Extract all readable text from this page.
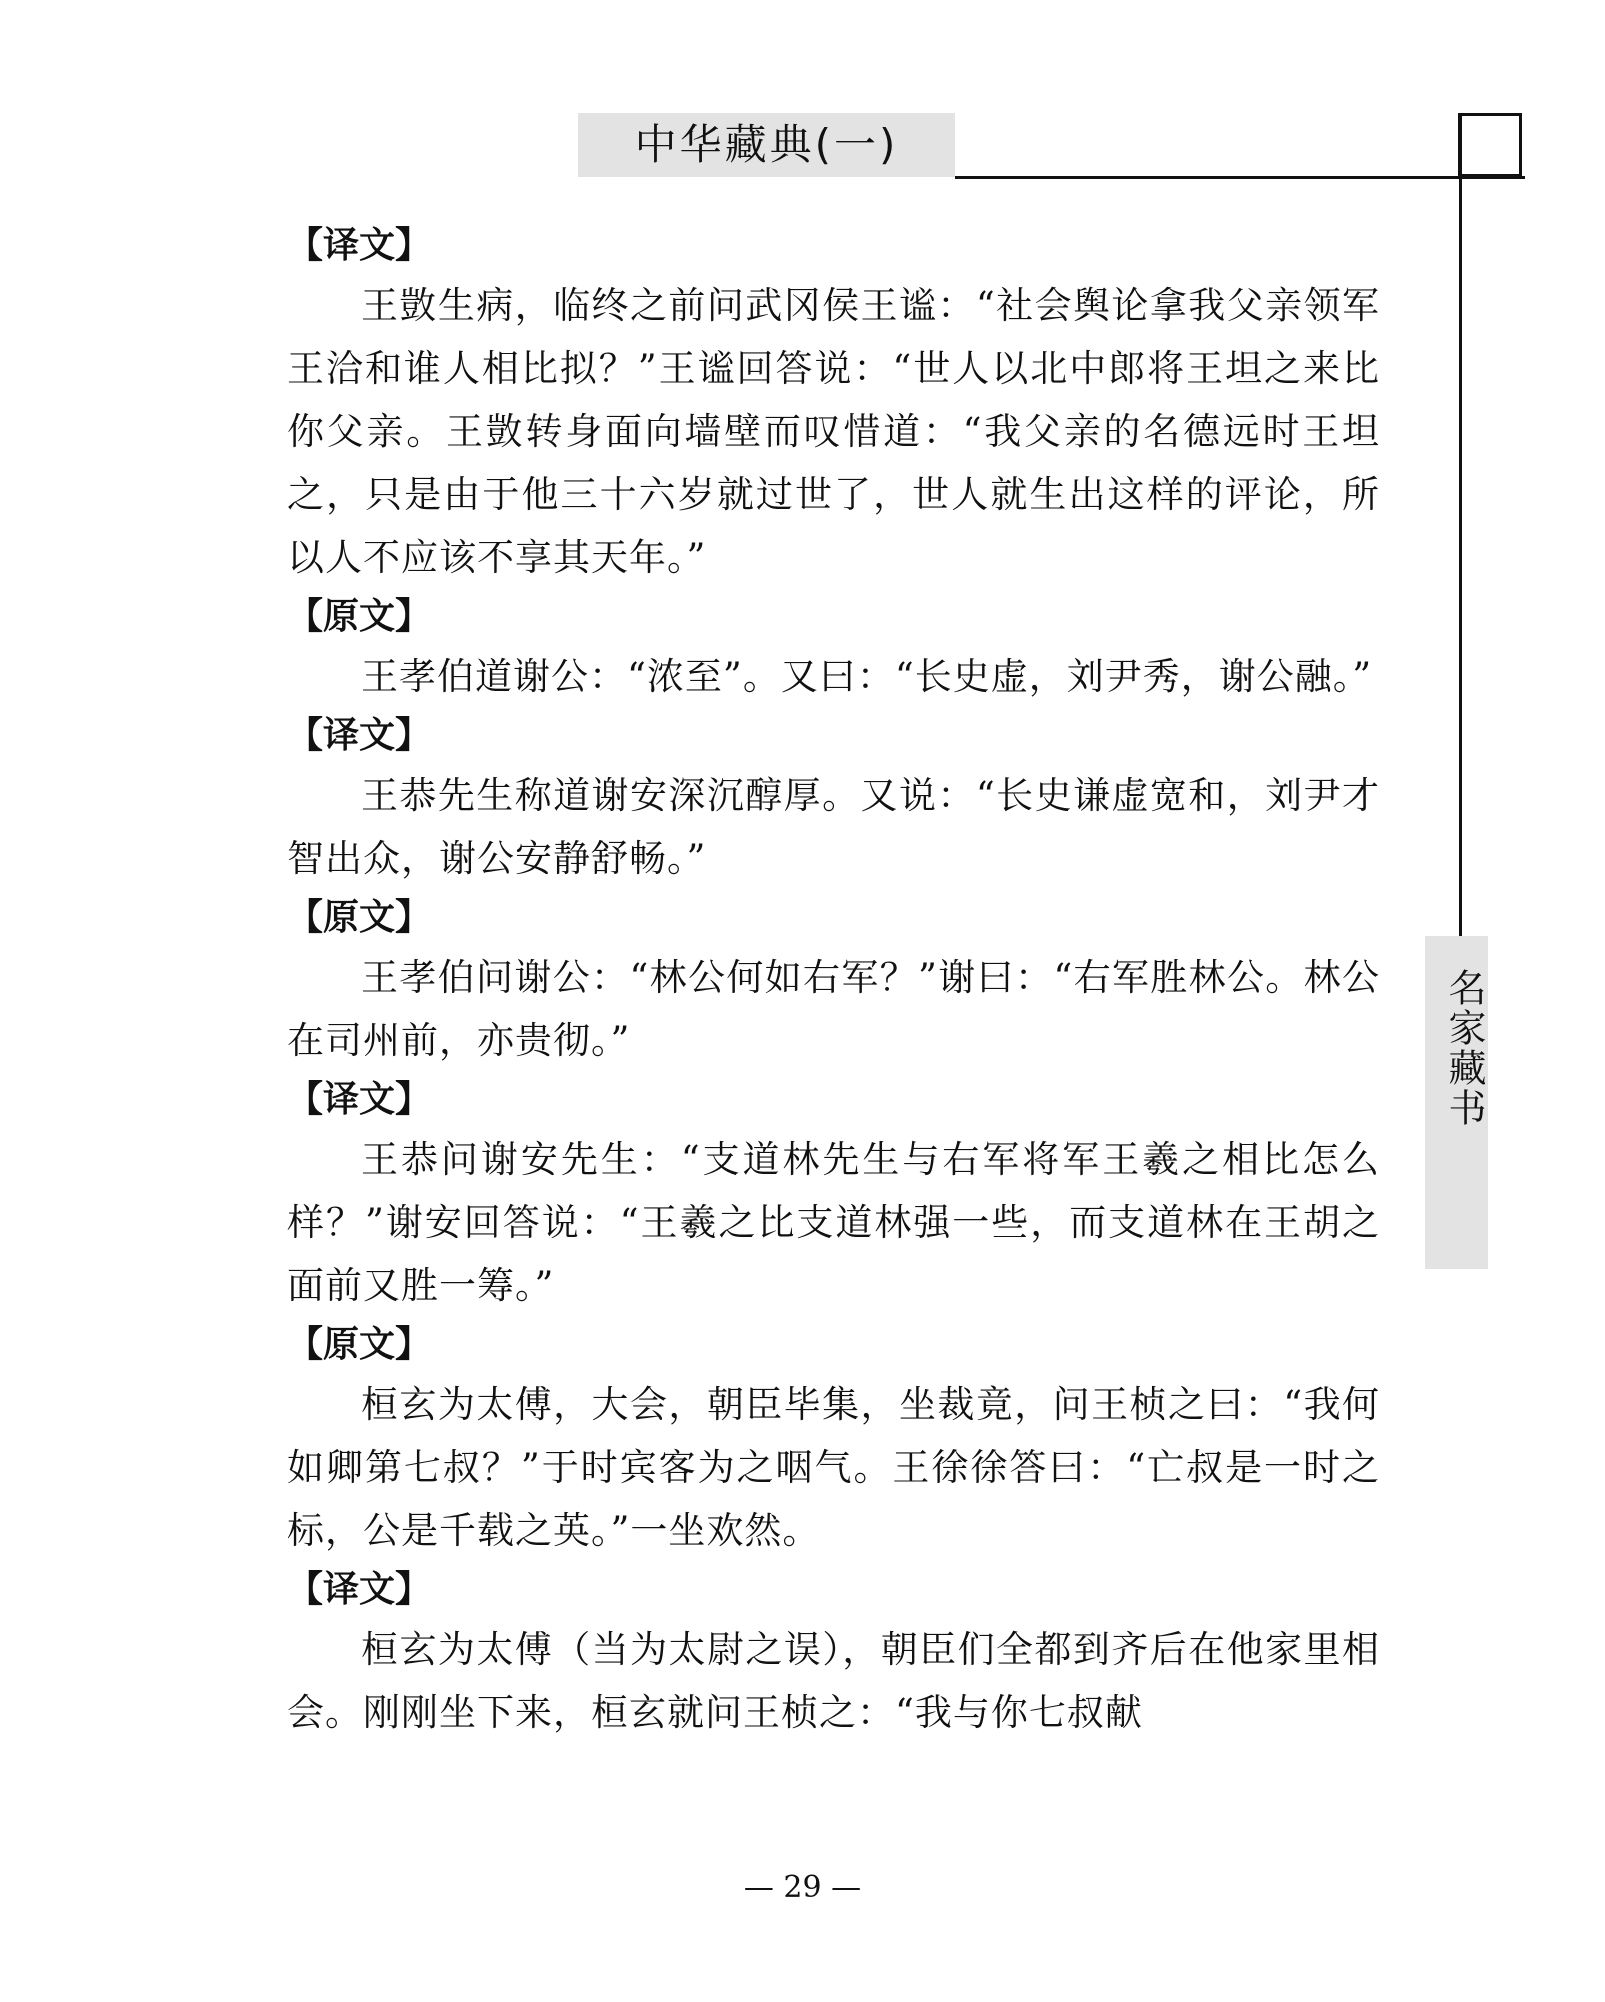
中华藏典(一)
名家藏书
【译文】

王敳生病，临终之前问武冈侯王谧：“社会舆论拿我父亲领军王洽和谁人相比拟？”王谧回答说：“世人以北中郎将王坦之来比你父亲。王敳转身面向墙壁而叹惜道：“我父亲的名德远时王坦之，只是由于他三十六岁就过世了，世人就生出这样的评论，所以人不应该不享其天年。”

【原文】

王孝伯道谢公：“浓至”。又曰：“长史虚，刘尹秀，谢公融。”

【译文】

王恭先生称道谢安深沉醇厚。又说：“长史谦虚宽和，刘尹才智出众，谢公安静舒畅。”

【原文】

王孝伯问谢公：“林公何如右军？”谢曰：“右军胜林公。林公在司州前，亦贵彻。”

【译文】

王恭问谢安先生：“支道林先生与右军将军王羲之相比怎么样？”谢安回答说：“王羲之比支道林强一些，而支道林在王胡之面前又胜一筹。”

【原文】

桓玄为太傅，大会，朝臣毕集，坐裁竟，问王桢之曰：“我何如卿第七叔？”于时宾客为之咽气。王徐徐答曰：“亡叔是一时之标，公是千载之英。”一坐欢然。

【译文】

桓玄为太傅（当为太尉之误），朝臣们全都到齐后在他家里相会。刚刚坐下来，桓玄就问王桢之：“我与你七叔献

— 29 —
